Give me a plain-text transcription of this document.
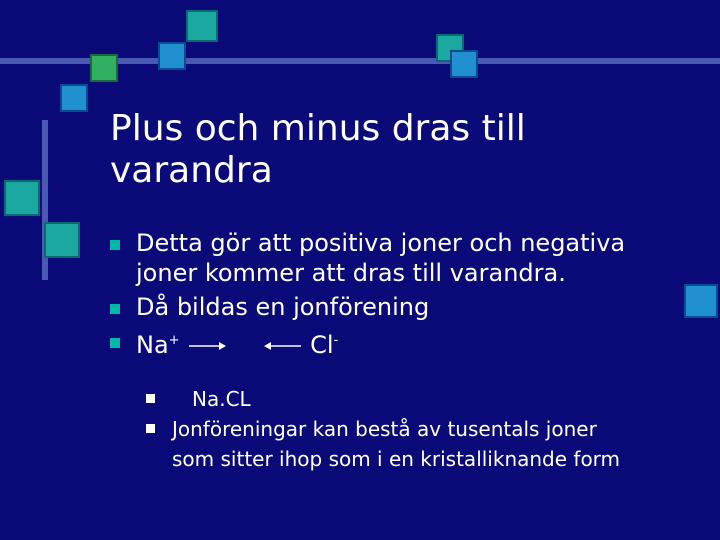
Plus och minus dras till
varandra
Detta gör att positiva joner och negativa
joner kommer att dras till varandra.
Då bildas en jonförening
Na+	Cl-
Na.CL
Jonföreningar kan bestå av tusentals joner
som sitter ihop som i en kristalliknande form
